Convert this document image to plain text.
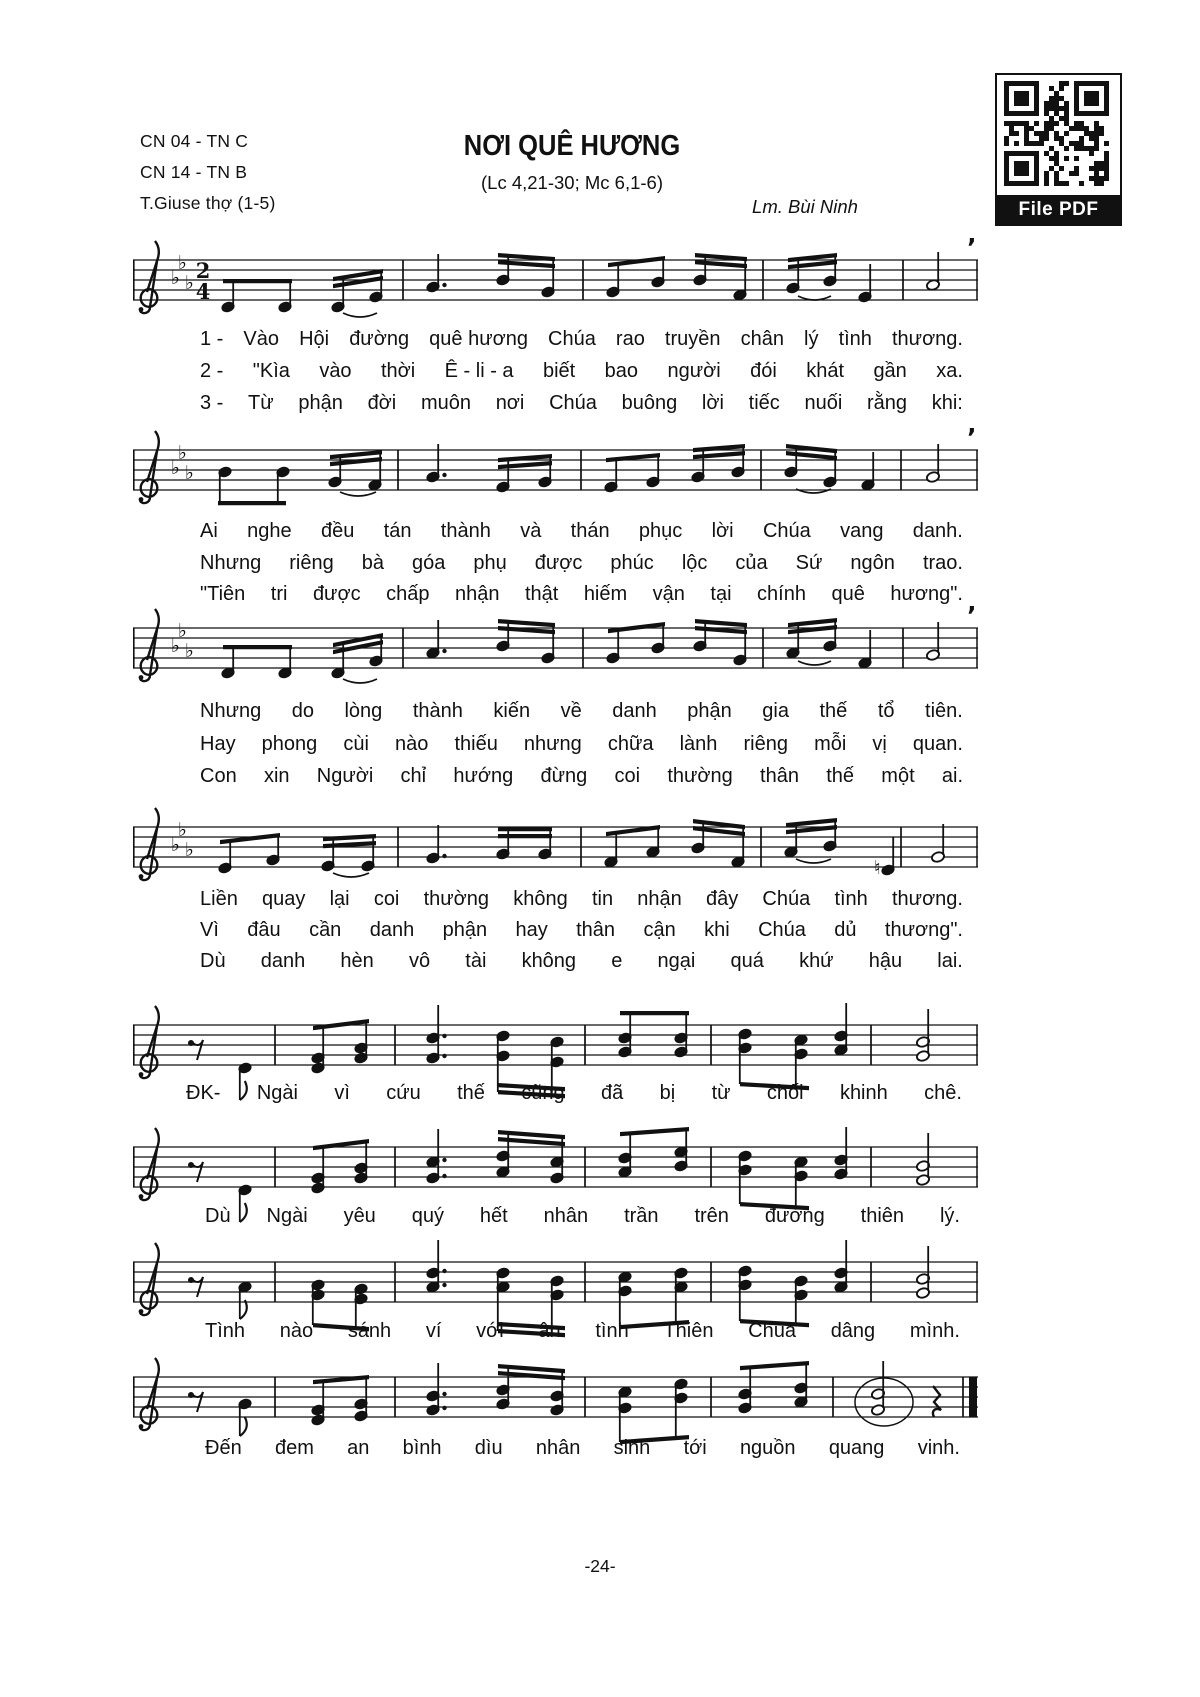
CN 04 - TN C
CN 14 - TN B
T.Giuse thợ (1-5)
NƠI QUÊ HƯƠNG
(Lc 4,21-30; Mc 6,1-6)
Lm. Bùi Ninh	File PDF
♭
♭
♭ 2
4
’
♭
♭
♭
’
♭
♭
♭
’
♭
♭
♭
♮
1 - Vào Hội đường quê hương Chúa rao truyền chân lý tình thương.
2 - "Kìa vào thời Ê - li - a biết bao người đói khát gần xa.
3 - Từ phận đời muôn nơi Chúa buông lời tiếc nuối rằng khi:
Ai nghe đều tán thành và thán phục lời Chúa vang danh.
Nhưng riêng bà góa phụ được phúc lộc của Sứ ngôn trao.
"Tiên tri được chấp nhận thật hiếm vận tại chính quê hương".
Nhưng do lòng thành kiến về danh phận gia thế tổ tiên.
Hay phong cùi nào thiếu nhưng chữa lành riêng mỗi vị quan.
Con xin Người chỉ hướng đừng coi thường thân thế một ai.
Liền quay lại coi thường không tin nhận đây Chúa tình thương.
Vì đâu cần danh phận hay thân cận khi Chúa dủ thương".
Dù danh hèn vô tài không e ngại quá khứ hậu lai.
ĐK- Ngài vì cứu thế cũng đã bị từ chối khinh chê.
Dù Ngài yêu quý hết nhân trần trên đường thiên lý.
Tình nào sánh ví với ân tình Thiên Chúa dâng mình.
Đến đem an bình dìu nhân sinh tới nguồn quang vinh.
-24-
